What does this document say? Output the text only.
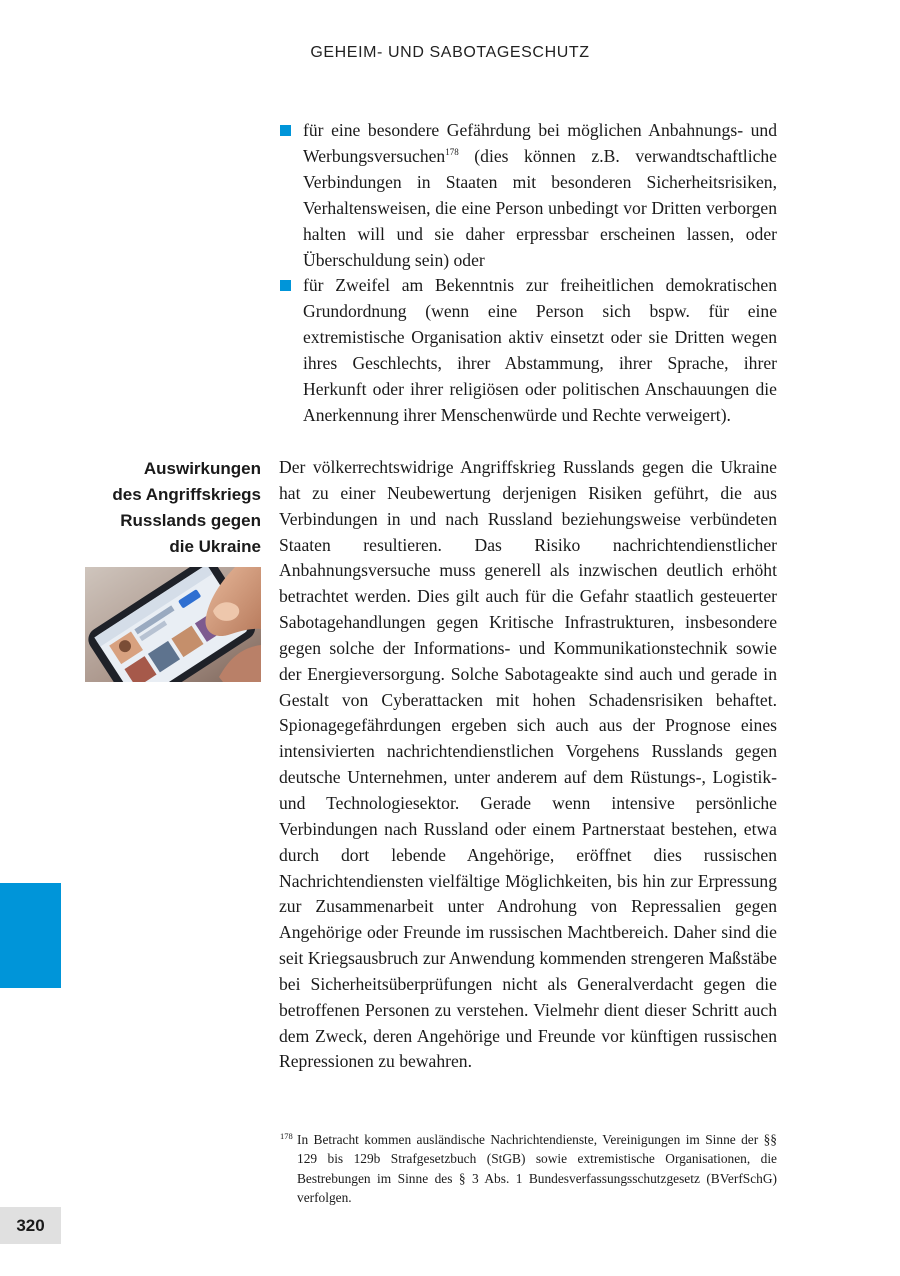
GEHEIM- UND SABOTAGESCHUTZ
für eine besondere Gefährdung bei möglichen Anbahnungs- und Werbungsversuchen$^{178}$ (dies können z.B. verwandtschaftliche Verbindungen in Staaten mit besonderen Sicherheitsrisiken, Verhaltensweisen, die eine Person unbedingt vor Dritten verborgen halten will und sie daher erpressbar erscheinen lassen, oder Überschuldung sein) oder
für Zweifel am Bekenntnis zur freiheitlichen demokratischen Grundordnung (wenn eine Person sich bspw. für eine extremistische Organisation aktiv einsetzt oder sie Dritten wegen ihres Geschlechts, ihrer Abstammung, ihrer Sprache, ihrer Herkunft oder ihrer religiösen oder politischen Anschauungen die Anerkennung ihrer Menschenwürde und Rechte verweigert).
Auswirkungen
des Angriffskriegs
Russlands gegen
die Ukraine

Der völkerrechtswidrige Angriffskrieg Russlands gegen die Ukraine hat zu einer Neubewertung derjenigen Risiken geführt, die aus Verbindungen in und nach Russland beziehungsweise verbündeten Staaten resultieren. Das Risiko nachrichtendienstlicher Anbahnungsversuche muss generell als inzwischen deutlich erhöht betrachtet werden. Dies gilt auch für die Gefahr staatlich gesteuerter Sabotagehandlungen gegen Kritische Infrastrukturen, insbesondere gegen solche der Informations- und Kommunikationstechnik sowie der Energieversorgung. Solche Sabotageakte sind auch und gerade in Gestalt von Cyberattacken mit hohen Schadensrisiken behaftet. Spionagegefährdungen ergeben sich auch aus der Prognose eines intensivierten nachrichtendienstlichen Vorgehens Russlands gegen deutsche Unternehmen, unter anderem auf dem Rüstungs-, Logistik- und Technologiesektor. Gerade wenn intensive persönliche Verbindungen nach Russland oder einem Partnerstaat bestehen, etwa durch dort lebende Angehörige, eröffnet dies russischen Nachrichtendiensten vielfältige Möglichkeiten, bis hin zur Erpressung zur Zusammenarbeit unter Androhung von Repressalien gegen Angehörige oder Freunde im russischen Machtbereich. Daher sind die seit Kriegsausbruch zur Anwendung kommenden strengeren Maßstäbe bei Sicherheitsüberprüfungen nicht als Generalverdacht gegen die betroffenen Personen zu verstehen. Vielmehr dient dieser Schritt auch dem Zweck, deren Angehörige und Freunde vor künftigen russischen Repressionen zu bewahren.

178 In Betracht kommen ausländische Nachrichtendienste, Vereinigungen im Sinne der §§ 129 bis 129b Strafgesetzbuch (StGB) sowie extremistische Organisationen, die Bestrebungen im Sinne des § 3 Abs. 1 Bundesverfassungsschutzgesetz (BVerfSchG) verfolgen.
320
